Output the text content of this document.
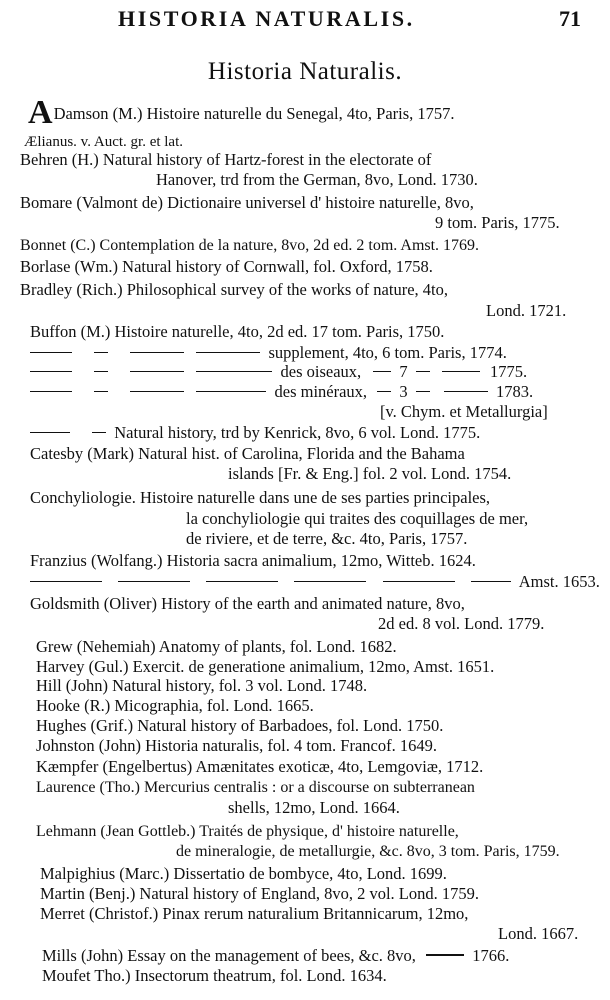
HISTORIA NATURALIS.	71
Historia Naturalis.
ADamson (M.) Histoire naturelle du Senegal, 4to, Paris, 1757.
Ælianus. v. Auct. gr. et lat.
Behren (H.) Natural history of Hartz-forest in the electorate of
Hanover, trd from the German, 8vo, Lond. 1730.
Bomare (Valmont de) Dictionaire universel d' histoire naturelle, 8vo,
9 tom. Paris, 1775.
Bonnet (C.) Contemplation de la nature, 8vo, 2d ed. 2 tom. Amst. 1769.
Borlase (Wm.) Natural history of Cornwall, fol. Oxford, 1758.
Bradley (Rich.) Philosophical survey of the works of nature, 4to,
Lond. 1721.
Buffon (M.) Histoire naturelle, 4to, 2d ed. 17 tom. Paris, 1750.
supplement, 4to, 6 tom. Paris, 1774.
des oiseaux, 7	1775.
des minéraux, 3	1783.
[v. Chym. et Metallurgia]
Natural history, trd by Kenrick, 8vo, 6 vol. Lond. 1775.
Catesby (Mark) Natural hist. of Carolina, Florida and the Bahama
islands [Fr. & Eng.] fol. 2 vol. Lond. 1754.
Conchyliologie. Histoire naturelle dans une de ses parties principales,
la conchyliologie qui traites des coquillages de mer,
de riviere, et de terre, &c. 4to, Paris, 1757.
Franzius (Wolfang.) Historia sacra animalium, 12mo, Witteb. 1624.
Amst. 1653.
Goldsmith (Oliver) History of the earth and animated nature, 8vo,
2d ed. 8 vol. Lond. 1779.
Grew (Nehemiah) Anatomy of plants, fol. Lond. 1682.
Harvey (Gul.) Exercit. de generatione animalium, 12mo, Amst. 1651.
Hill (John) Natural history, fol. 3 vol. Lond. 1748.
Hooke (R.) Micographia, fol. Lond. 1665.
Hughes (Grif.) Natural history of Barbadoes, fol. Lond. 1750.
Johnston (John) Historia naturalis, fol. 4 tom. Francof. 1649.
Kæmpfer (Engelbertus) Amænitates exoticæ, 4to, Lemgoviæ, 1712.
Laurence (Tho.) Mercurius centralis : or a discourse on subterranean
shells, 12mo, Lond. 1664.
Lehmann (Jean Gottleb.) Traités de physique, d' histoire naturelle,
de mineralogie, de metallurgie, &c. 8vo, 3 tom. Paris, 1759.
Malpighius (Marc.) Dissertatio de bombyce, 4to, Lond. 1699.
Martin (Benj.) Natural history of England, 8vo, 2 vol. Lond. 1759.
Merret (Christof.) Pinax rerum naturalium Britannicarum, 12mo,
Lond. 1667.
Mills (John) Essay on the management of bees, &c. 8vo,	1766.
Moufet Tho.) Insectorum theatrum, fol. Lond. 1634.
